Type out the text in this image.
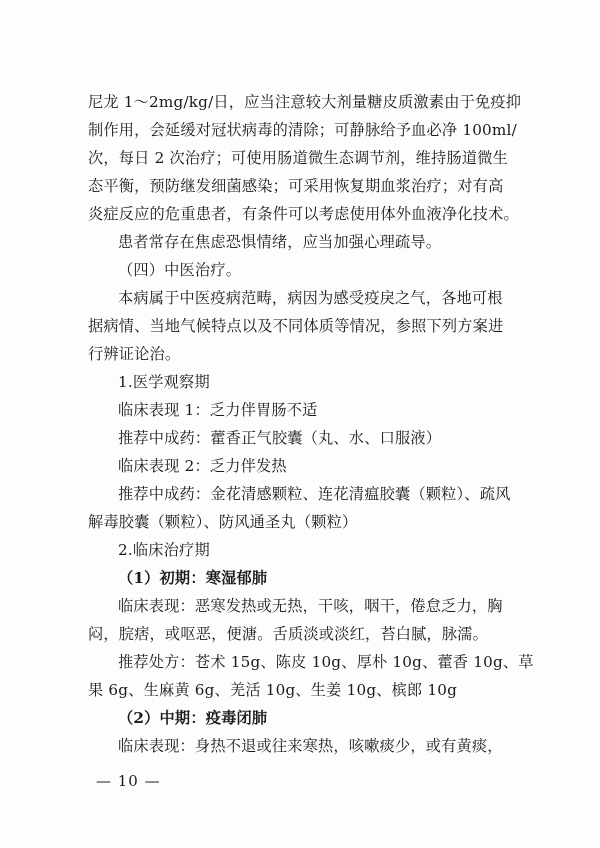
尼龙 1～2mg/kg/日，应当注意较大剂量糖皮质激素由于免疫抑
制作用，会延缓对冠状病毒的清除；可静脉给予血必净 100ml/
次，每日 2 次治疗；可使用肠道微生态调节剂，维持肠道微生
态平衡，预防继发细菌感染；可采用恢复期血浆治疗；对有高
炎症反应的危重患者，有条件可以考虑使用体外血液净化技术。
患者常存在焦虑恐惧情绪，应当加强心理疏导。
（四）中医治疗。
本病属于中医疫病范畴，病因为感受疫戾之气，各地可根
据病情、当地气候特点以及不同体质等情况，参照下列方案进
行辨证论治。
1.医学观察期
临床表现 1：乏力伴胃肠不适
推荐中成药：藿香正气胶囊（丸、水、口服液）
临床表现 2：乏力伴发热
推荐中成药：金花清感颗粒、连花清瘟胶囊（颗粒）、疏风
解毒胶囊（颗粒）、防风通圣丸（颗粒）
2.临床治疗期
（1）初期：寒湿郁肺
临床表现：恶寒发热或无热，干咳，咽干，倦怠乏力，胸
闷，脘痞，或呕恶，便溏。舌质淡或淡红，苔白腻，脉濡。
推荐处方：苍术 15g、陈皮 10g、厚朴 10g、藿香 10g、草
果 6g、生麻黄 6g、羌活 10g、生姜 10g、槟郎 10g
（2）中期：疫毒闭肺
临床表现：身热不退或往来寒热，咳嗽痰少，或有黄痰，
— 10 —
